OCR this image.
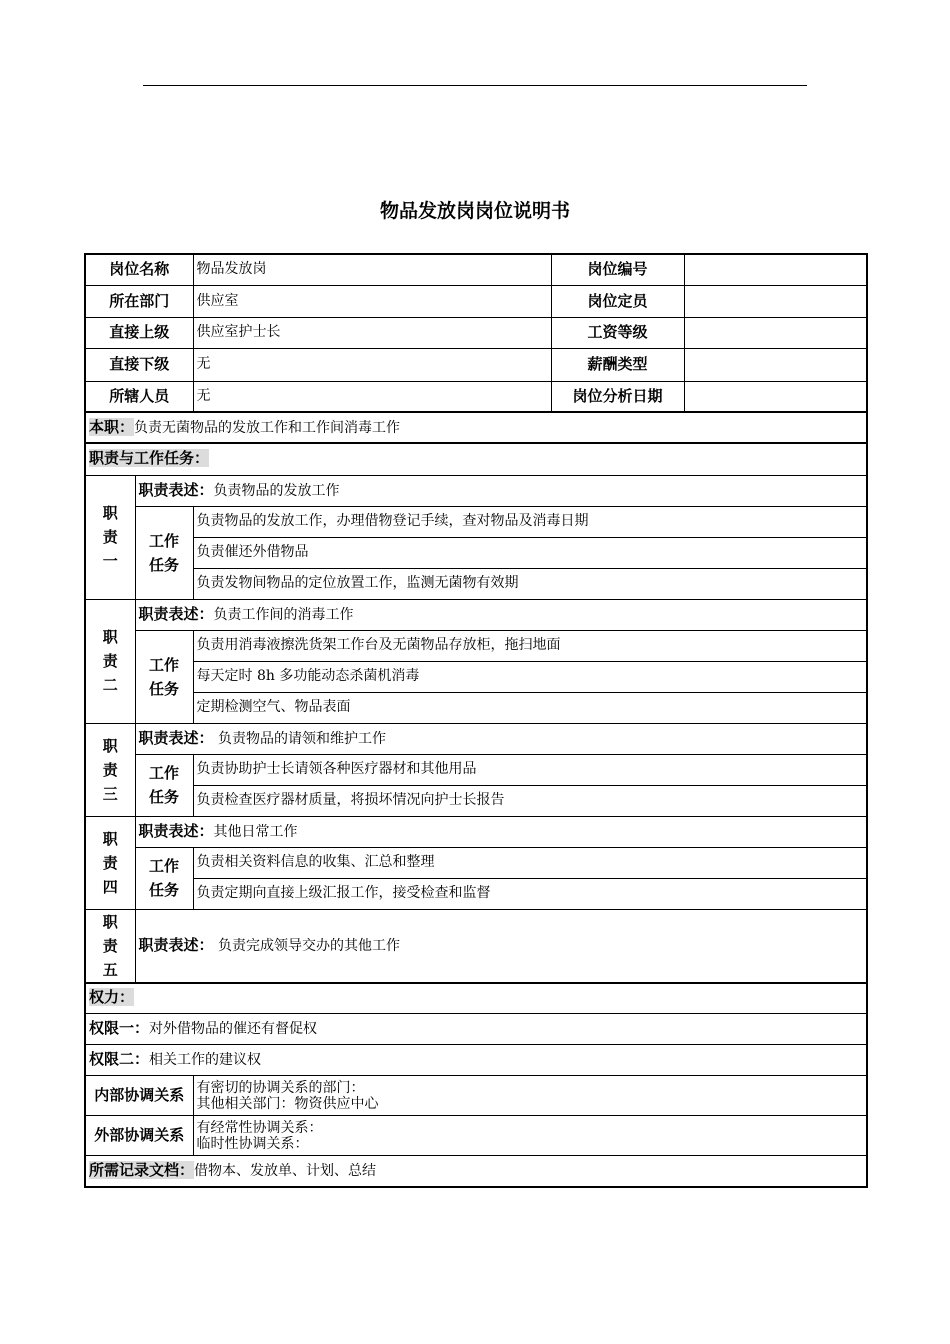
物品发放岗岗位说明书
岗位名称		物品发放岗	岗位编号	
所在部门		供应室	岗位定员	
直接上级		供应室护士长	工资等级	
直接下级		无	薪酬类型	
所辖人员		无	岗位分析日期	
本职：负责无菌物品的发放工作和工作间消毒工作				
职责与工作任务：				
职
责
一	职责表述：负责物品的发放工作			
	工作
任务	负责物品的发放工作，办理借物登记手续，查对物品及消毒日期		
		负责催还外借物品		
		负责发物间物品的定位放置工作，监测无菌物有效期		
职
责
二	职责表述：负责工作间的消毒工作			
	工作
任务	负责用消毒液擦洗货架工作台及无菌物品存放柜，拖扫地面		
		每天定时 8h 多功能动态杀菌机消毒		
		定期检测空气、物品表面		
职
责
三	职责表述： 负责物品的请领和维护工作			
	工作
任务	负责协助护士长请领各种医疗器材和其他用品		
		负责检查医疗器材质量，将损坏情况向护士长报告		
职
责
四	职责表述：其他日常工作			
	工作
任务	负责相关资料信息的收集、汇总和整理		
		负责定期向直接上级汇报工作，接受检查和监督		
职
责
五	职责表述： 负责完成领导交办的其他工作			
权力：				
权限一：对外借物品的催还有督促权				
权限二：相关工作的建议权				
内部协调关系		有密切的协调关系的部门：
其他相关部门：物资供应中心		

外部协调关系		有经常性协调关系：
临时性协调关系：		

所需记录文档：借物本、发放单、计划、总结				
